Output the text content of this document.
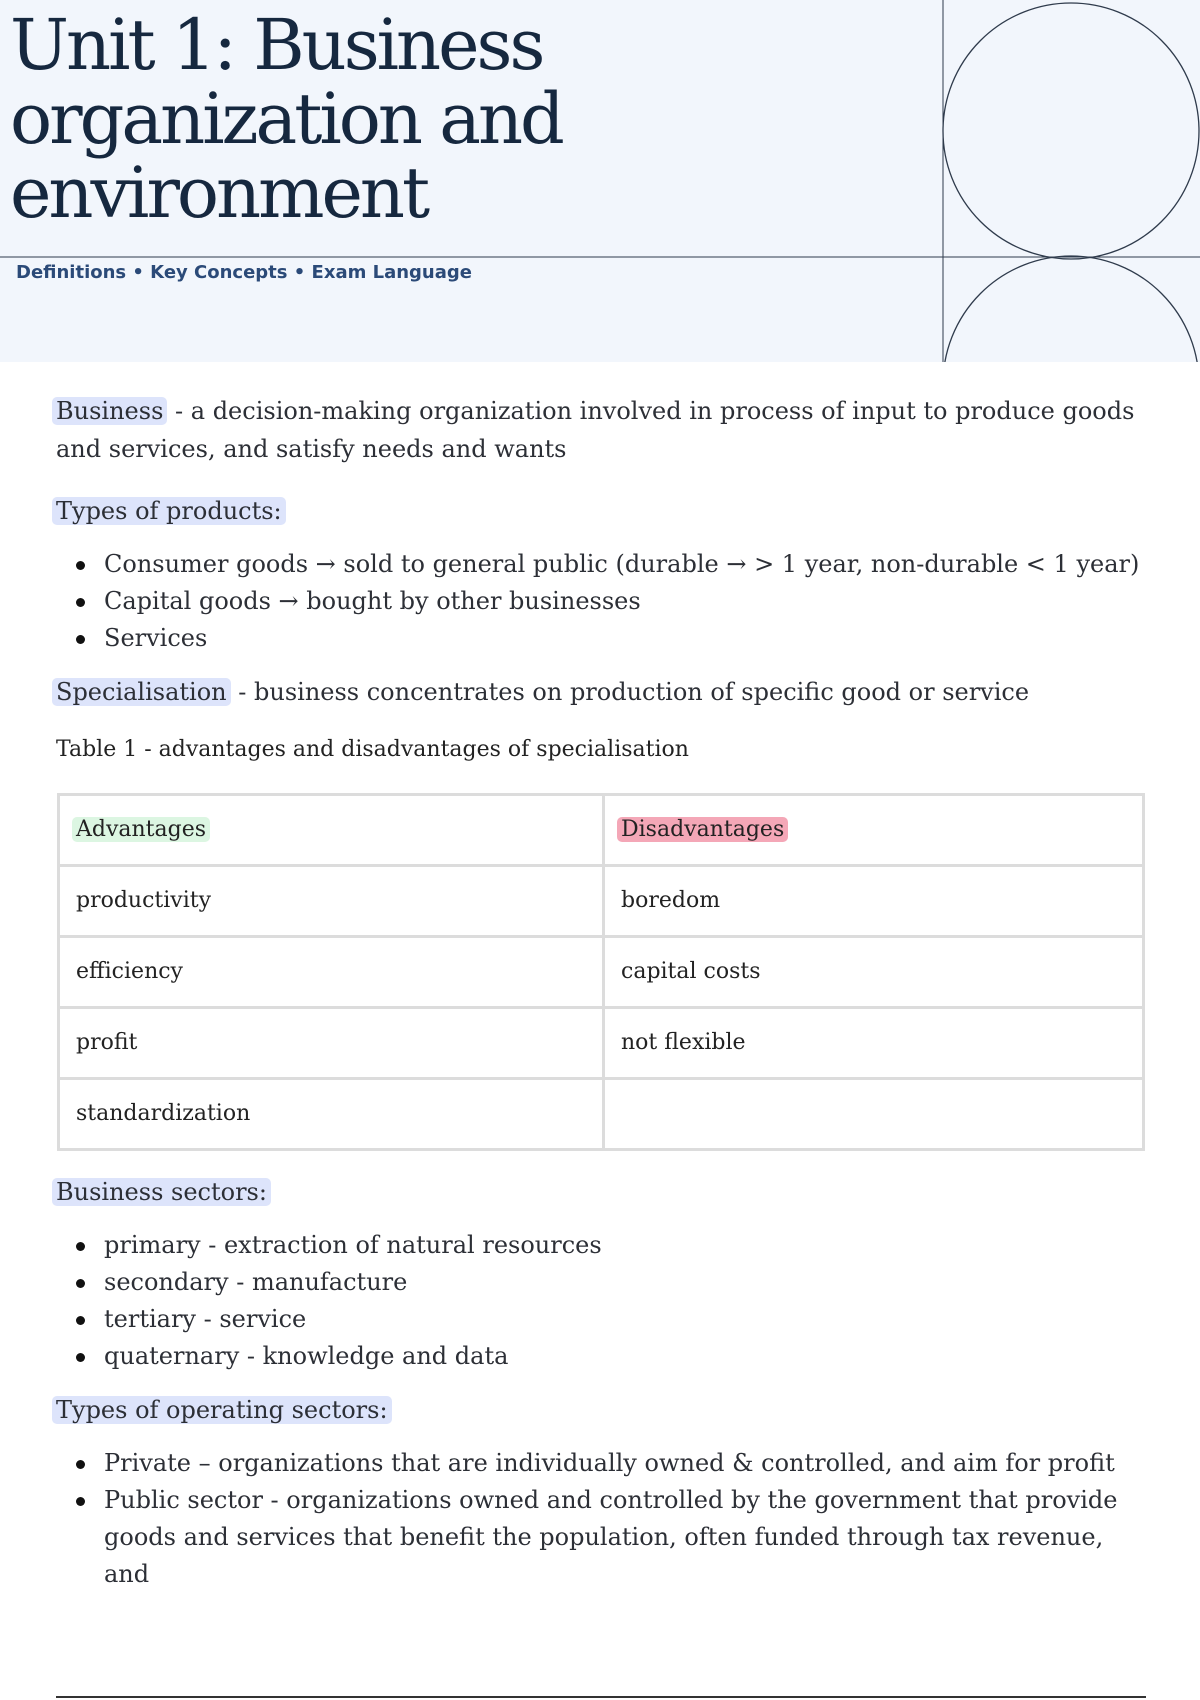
Unit 1: Business
organization and
environment
Definitions • Key Concepts • Exam Language

Business - a decision-making organization involved in process of input to produce goods and services, and satisfy needs and wants

Types of products:

Consumer goods → sold to general public (durable → > 1 year, non-durable < 1 year)
Capital goods → bought by other businesses
Services

Specialisation - business concentrates on production of specific good or service

Table 1 - advantages and disadvantages of specialisation

Advantages	Disadvantages
productivity	boredom
efficiency	capital costs
profit	not flexible
standardization	

Business sectors:

primary - extraction of natural resources
secondary - manufacture
tertiary - service
quaternary - knowledge and data

Types of operating sectors:

Private – organizations that are individually owned & controlled, and aim for profit
Public sector - organizations owned and controlled by the government that provide goods and services that benefit the population, often funded through tax revenue, and
